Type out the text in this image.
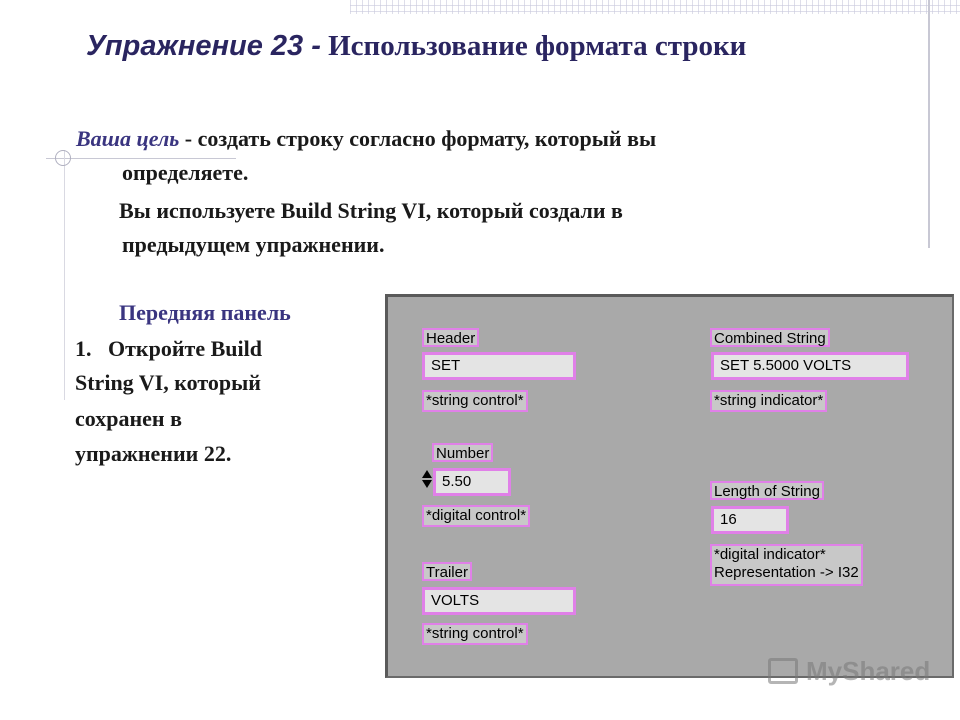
Упражнение 23 - Использование формата строки
Ваша цель - создать строку согласно формату, который вы
определяете.
Вы используете Build String VI, который создали в
предыдущем упражнении.
Передняя панель
1.   Откройте Build
String VI, который
сохранен в
упражнении 22.
Header
SET
*string control*
Number
5.50
*digital control*
Trailer
VOLTS
*string control*
Combined String
SET 5.5000 VOLTS
*string indicator*
Length of String
16
*digital indicator*
Representation -> I32
MyShared
